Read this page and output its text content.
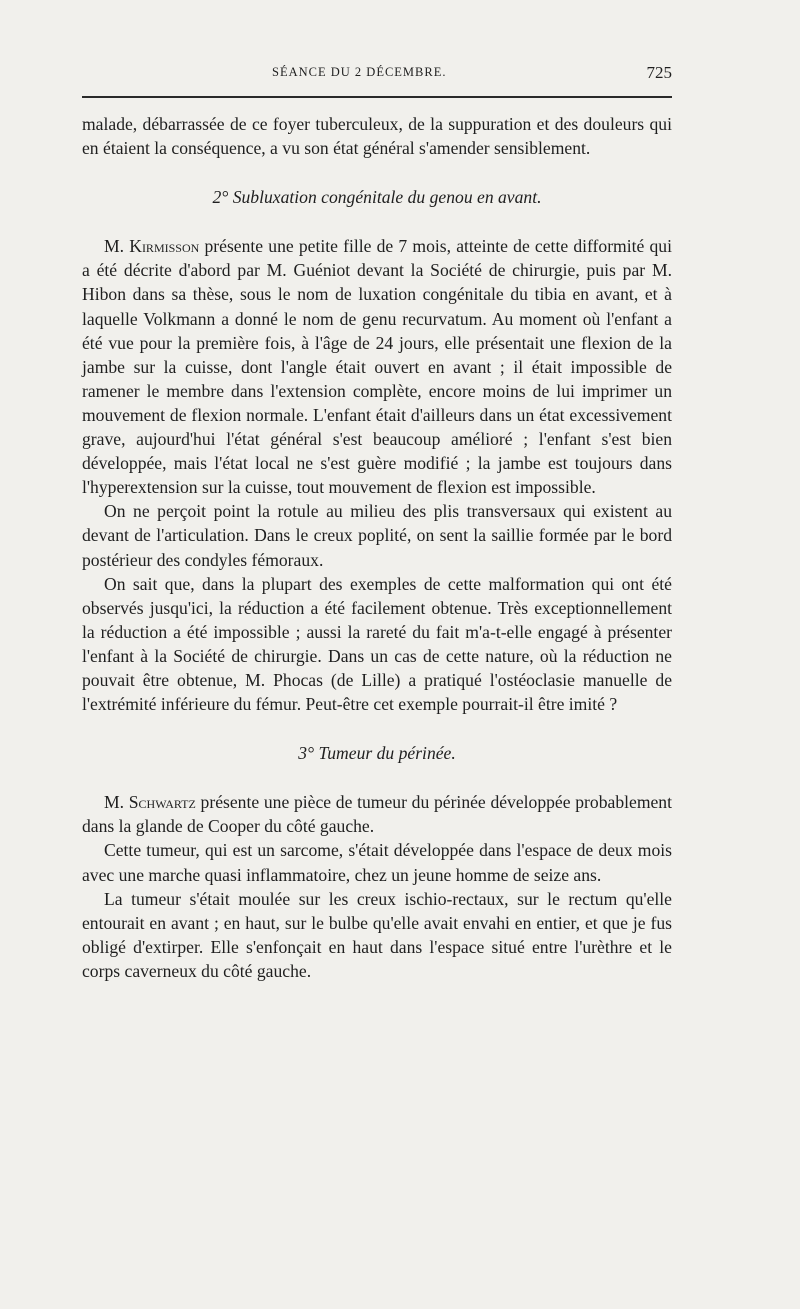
SÉANCE DU 2 DÉCEMBRE.	725

malade, débarrassée de ce foyer tuberculeux, de la suppuration et des douleurs qui en étaient la conséquence, a vu son état général s'amender sensiblement.

2° Subluxation congénitale du genou en avant.

M. Kirmisson présente une petite fille de 7 mois, atteinte de cette difformité qui a été décrite d'abord par M. Guéniot devant la Société de chirurgie, puis par M. Hibon dans sa thèse, sous le nom de luxation congénitale du tibia en avant, et à laquelle Volkmann a donné le nom de genu recurvatum. Au moment où l'enfant a été vue pour la première fois, à l'âge de 24 jours, elle présentait une flexion de la jambe sur la cuisse, dont l'angle était ouvert en avant ; il était impossible de ramener le membre dans l'extension complète, encore moins de lui imprimer un mouvement de flexion normale. L'enfant était d'ailleurs dans un état excessivement grave, aujourd'hui l'état général s'est beaucoup amélioré ; l'enfant s'est bien développée, mais l'état local ne s'est guère modifié ; la jambe est toujours dans l'hyperextension sur la cuisse, tout mouvement de flexion est impossible.

On ne perçoit point la rotule au milieu des plis transversaux qui existent au devant de l'articulation. Dans le creux poplité, on sent la saillie formée par le bord postérieur des condyles fémoraux.

On sait que, dans la plupart des exemples de cette malformation qui ont été observés jusqu'ici, la réduction a été facilement obtenue. Très exceptionnellement la réduction a été impossible ; aussi la rareté du fait m'a-t-elle engagé à présenter l'enfant à la Société de chirurgie. Dans un cas de cette nature, où la réduction ne pouvait être obtenue, M. Phocas (de Lille) a pratiqué l'ostéoclasie manuelle de l'extrémité inférieure du fémur. Peut-être cet exemple pourrait-il être imité ?

3° Tumeur du périnée.

M. Schwartz présente une pièce de tumeur du périnée développée probablement dans la glande de Cooper du côté gauche.

Cette tumeur, qui est un sarcome, s'était développée dans l'espace de deux mois avec une marche quasi inflammatoire, chez un jeune homme de seize ans.

La tumeur s'était moulée sur les creux ischio-rectaux, sur le rectum qu'elle entourait en avant ; en haut, sur le bulbe qu'elle avait envahi en entier, et que je fus obligé d'extirper. Elle s'enfonçait en haut dans l'espace situé entre l'urèthre et le corps caverneux du côté gauche.
